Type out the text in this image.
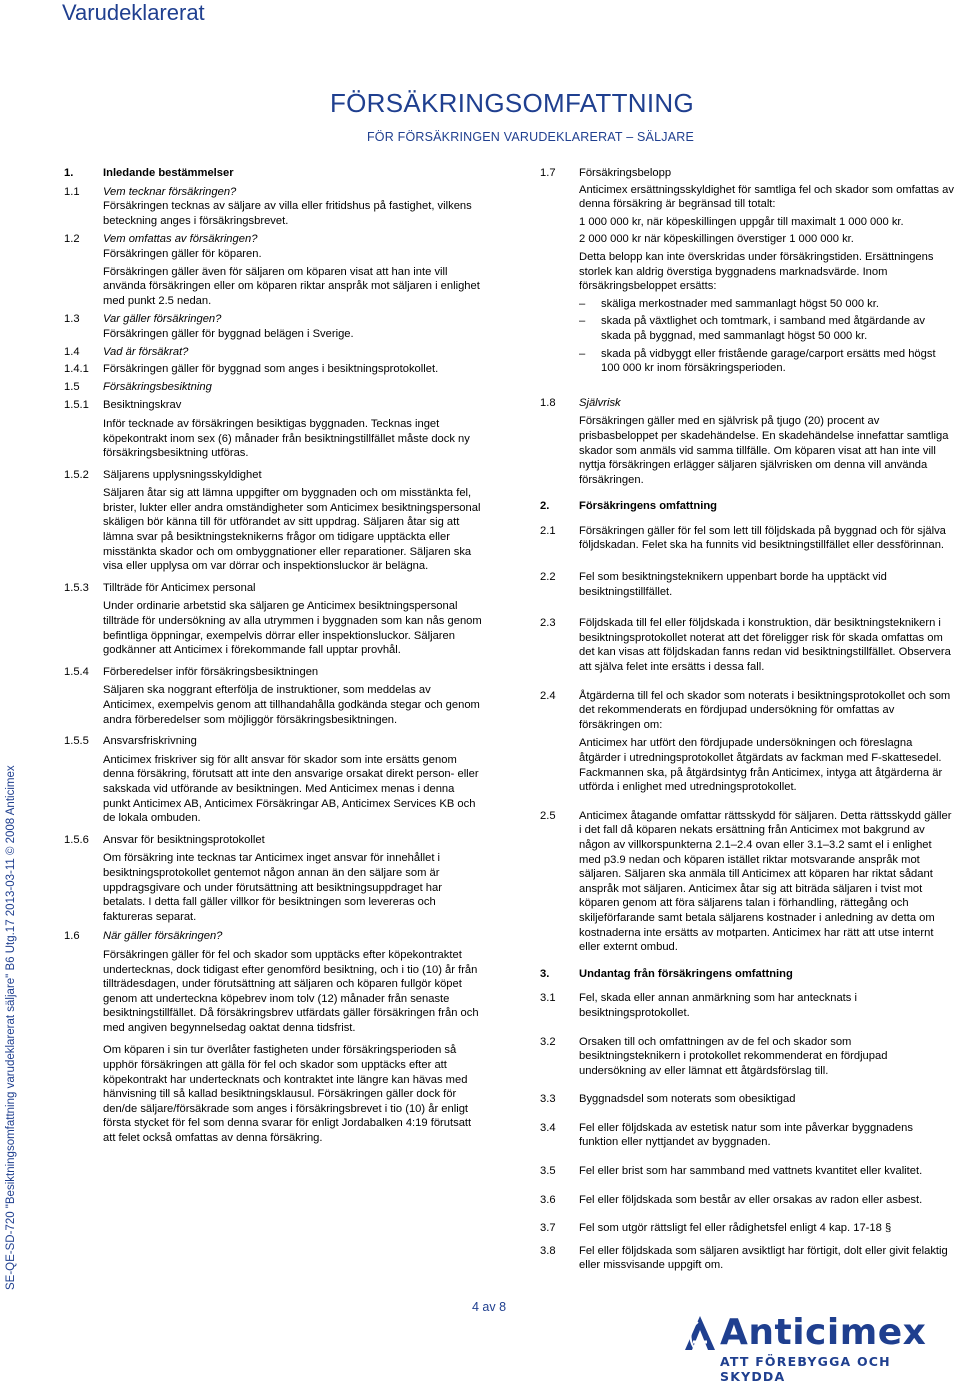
Varudeklarerat
FÖRSÄKRINGSOMFATTNING
FÖR FÖRSÄKRINGEN VARUDEKLARERAT – SÄLJARE
SE-QE-SD-720 "Besiktningsomfattning varudeklarerat säljare" B6 Utg.17 2013-03-11 © 2008 Anticimex
1.	Inledande bestämmelser
1.1	Vem tecknar försäkringen?
Försäkringen tecknas av säljare av villa eller fritidshus på fastighet, vilkens beteckning anges i försäkringsbrevet.
1.2	Vem omfattas av försäkringen?
Försäkringen gäller för köparen.
Försäkringen gäller även för säljaren om köparen visat att han inte vill använda försäkringen eller om köparen riktar anspråk mot säljaren i enlighet med punkt 2.5 nedan.
1.3	Var gäller försäkringen?
Försäkringen gäller för byggnad belägen i Sverige.
1.4	Vad är försäkrat?
1.4.1	Försäkringen gäller för byggnad som anges i besiktningsprotokollet.
1.5	Försäkringsbesiktning
1.5.1	Besiktningskrav
Inför tecknade av försäkringen besiktigas byggnaden. Tecknas inget köpekontrakt inom sex (6) månader från besiktningstillfället måste dock ny försäkringsbesiktning utföras.
1.5.2	Säljarens upplysningsskyldighet
Säljaren åtar sig att lämna uppgifter om byggnaden och om misstänkta fel, brister, lukter eller andra omständigheter som Anticimex besiktningspersonal skäligen bör känna till för utförandet av sitt uppdrag. Säljaren åtar sig att lämna svar på besiktningsteknikerns frågor om tidigare upptäckta eller misstänkta skador och om ombyggnationer eller reparationer. Säljaren ska visa eller upplysa om var dörrar och inspektionsluckor är belägna.
1.5.3	Tillträde för Anticimex personal
Under ordinarie arbetstid ska säljaren ge Anticimex besiktningspersonal tillträde för undersökning av alla utrymmen i byggnaden som kan nås genom befintliga öppningar, exempelvis dörrar eller inspektionsluckor. Säljaren godkänner att Anticimex i förekommande fall upptar provhål.
1.5.4	Förberedelser inför försäkringsbesiktningen
Säljaren ska noggrant efterfölja de instruktioner, som meddelas av Anticimex, exempelvis genom att tillhandahålla godkända stegar och genom andra förberedelser som möjliggör försäkringsbesiktningen.
1.5.5	Ansvarsfriskrivning
Anticimex friskriver sig för allt ansvar för skador som inte ersätts genom denna försäkring, förutsatt att inte den ansvarige orsakat direkt person- eller sakskada vid utförande av besiktningen. Med Anticimex menas i denna punkt Anticimex AB, Anticimex Försäkringar AB, Anticimex Services KB och de lokala ombuden.
1.5.6	Ansvar för besiktningsprotokollet
Om försäkring inte tecknas tar Anticimex inget ansvar för innehållet i besiktningsprotokollet gentemot någon annan än den säljare som är uppdragsgivare och under förutsättning att besiktningsuppdraget har betalats. I detta fall gäller villkor för besiktningen som levereras och faktureras separat.
1.6	När gäller försäkringen?
Försäkringen gäller för fel och skador som upptäcks efter köpekontraktet undertecknas, dock tidigast efter genomförd besiktning, och i tio (10) år från tillträdesdagen, under förutsättning att säljaren och köparen fullgör köpet genom att underteckna köpebrev inom tolv (12) månader från senaste besiktningstillfället. Då försäkringsbrev utfärdats gäller försäkringen från och med angiven begynnelsedag oaktat denna tidsfrist.
Om köparen i sin tur överlåter fastigheten under försäkringsperioden så upphör försäkringen att gälla för fel och skador som upptäcks efter att köpekontrakt har undertecknats och kontraktet inte längre kan hävas med hänvisning till så kallad besiktningsklausul. Försäkringen gäller dock för den/de säljare/försäkrade som anges i försäkringsbrevet i tio (10) år enligt första stycket för fel som denna svarar för enligt Jordabalken 4:19 förutsatt att felet också omfattas av denna försäkring.
1.7	Försäkringsbelopp
Anticimex ersättningsskyldighet för samtliga fel och skador som omfattas av denna försäkring är begränsad till totalt:
1 000 000 kr, när köpeskillingen uppgår till maximalt 1 000 000 kr.
2 000 000 kr när köpeskillingen överstiger 1 000 000 kr.
Detta belopp kan inte överskridas under försäkringstiden. Ersättningens storlek kan aldrig överstiga byggnadens marknadsvärde. Inom försäkringsbeloppet ersätts:
–	skäliga merkostnader med sammanlagt högst 50 000 kr.
–	skada på växtlighet och tomtmark, i samband med åtgärdande av skada på byggnad, med sammanlagt högst 50 000 kr.
–	skada på vidbyggt eller fristående garage/carport ersätts med högst 100 000 kr inom försäkringsperioden.
1.8	Självrisk
Försäkringen gäller med en självrisk på tjugo (20) procent av prisbasbeloppet per skadehändelse. En skadehändelse innefattar samtliga skador som anmäls vid samma tillfälle. Om köparen visat att han inte vill nyttja försäkringen erlägger säljaren självrisken om denna vill använda försäkringen.
2.	Försäkringens omfattning
2.1	Försäkringen gäller för fel som lett till följdskada på byggnad och för själva följdskadan. Felet ska ha funnits vid besiktningstillfället eller dessförinnan.
2.2	Fel som besiktningsteknikern uppenbart borde ha upptäckt vid besiktningstillfället.
2.3	Följdskada till fel eller följdskada i konstruktion, där besiktningsteknikern i besiktningsprotokollet noterat att det föreligger risk för skada omfattas om det kan visas att följdskadan fanns redan vid besiktningstillfället. Observera att själva felet inte ersätts i dessa fall.
2.4	Åtgärderna till fel och skador som noterats i besiktningsprotokollet och som det rekommenderats en fördjupad undersökning för omfattas av försäkringen om:
Anticimex har utfört den fördjupade undersökningen och föreslagna åtgärder i utredningsprotokollet åtgärdats av fackman med F-skattesedel. Fackmannen ska, på åtgärdsintyg från Anticimex, intyga att åtgärderna är utförda i enlighet med utredningsprotokollet.
2.5	Anticimex åtagande omfattar rättsskydd för säljaren. Detta rättsskydd gäller i det fall då köparen nekats ersättning från Anticimex mot bakgrund av någon av villkorspunkterna 2.1–2.4 ovan eller 3.1–3.2 samt el i enlighet med p3.9 nedan och köparen istället riktar motsvarande anspråk mot säljaren. Säljaren ska anmäla till Anticimex att köparen har riktat sådant anspråk mot säljaren. Anticimex åtar sig att biträda säljaren i tvist mot köparen genom att föra säljarens talan i förhandling, rättegång och skiljeförfarande samt betala säljarens kostnader i anledning av detta om kostnaderna inte ersätts av motparten. Anticimex har rätt att utse internt eller externt ombud.
3.	Undantag från försäkringens omfattning
3.1	Fel, skada eller annan anmärkning som har antecknats i besiktningsprotokollet.
3.2	Orsaken till och omfattningen av de fel och skador som besiktningsteknikern i protokollet rekommenderat en fördjupad undersökning av eller lämnat ett åtgärdsförslag till.
3.3	Byggnadsdel som noterats som obesiktigad
3.4	Fel eller följdskada av estetisk natur som inte påverkar byggnadens funktion eller nyttjandet av byggnaden.
3.5	Fel eller brist som har sammband med vattnets kvantitet eller kvalitet.
3.6	Fel eller följdskada som består av eller orsakas av radon eller asbest.
3.7	Fel som utgör rättsligt fel eller rådighetsfel enligt 4 kap. 17-18 §
3.8	Fel eller följdskada som säljaren avsiktligt har förtigit, dolt eller givit felaktig eller missvisande uppgift om.
4 av 8
Anticimex
ATT FÖREBYGGA OCH SKYDDA
